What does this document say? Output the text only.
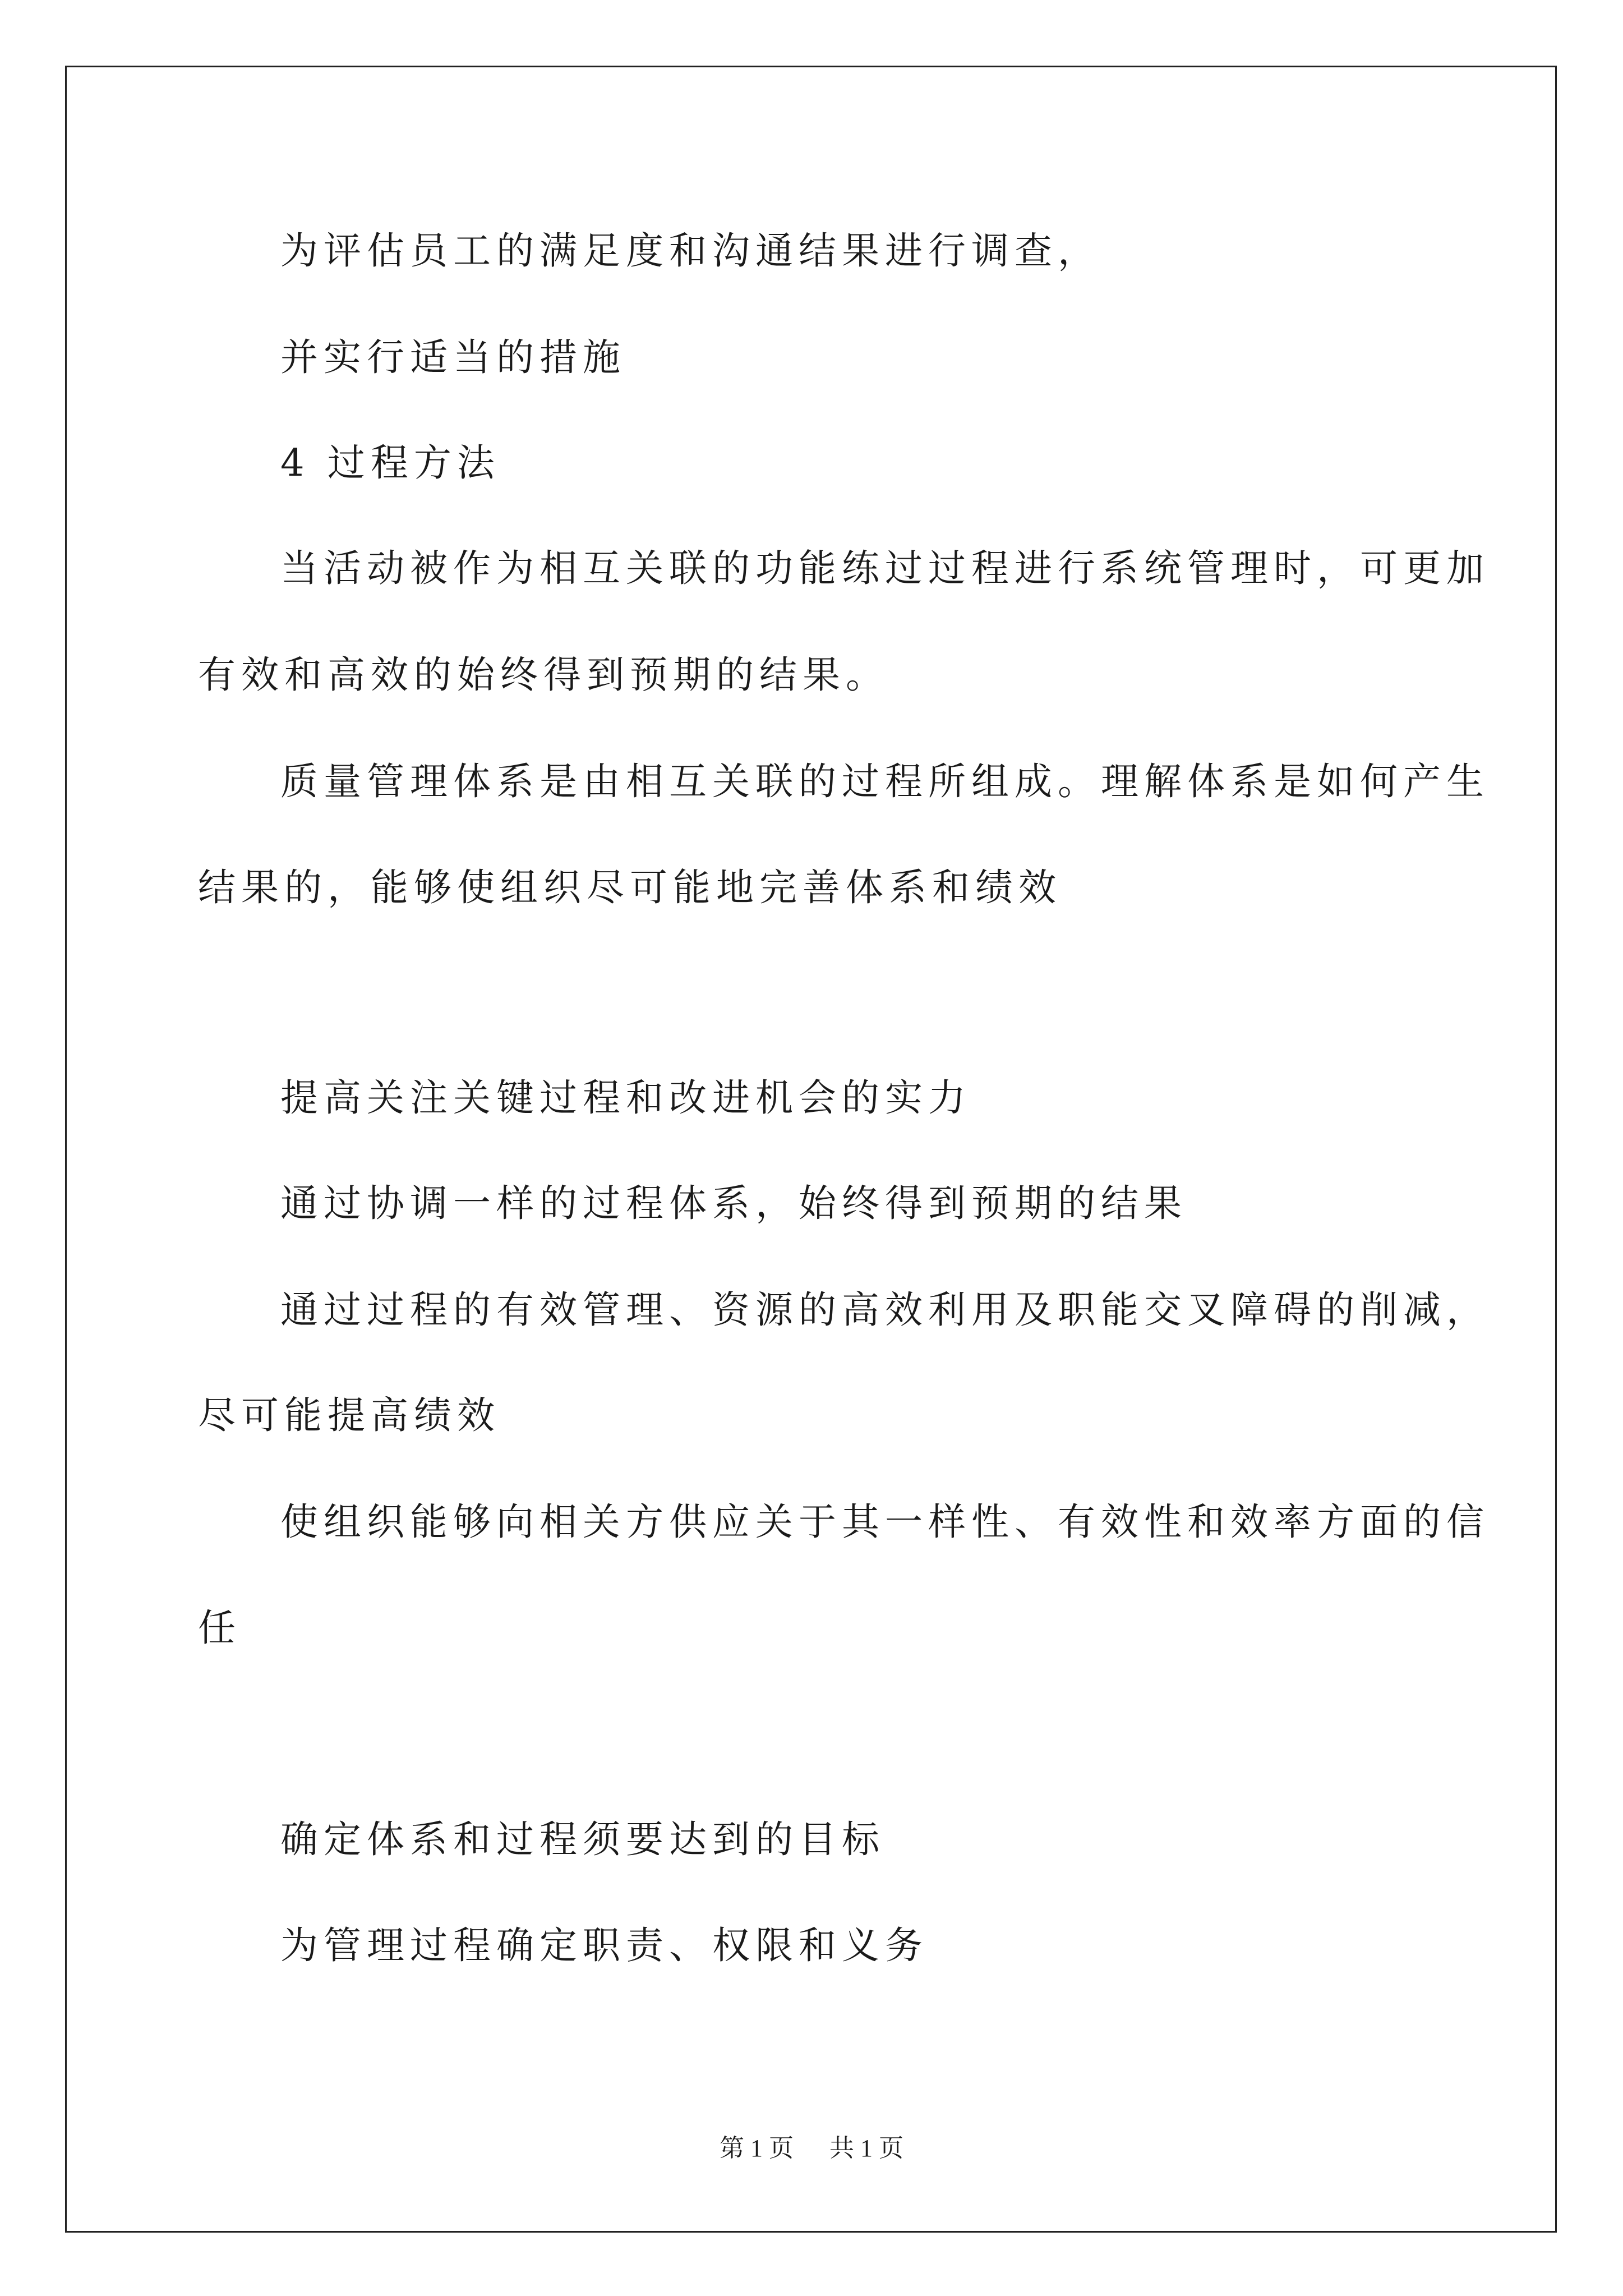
为评估员工的满足度和沟通结果进行调查，
并实行适当的措施
4 过程方法
当活动被作为相互关联的功能练过过程进行系统管理时，可更加
有效和高效的始终得到预期的结果。
质量管理体系是由相互关联的过程所组成。理解体系是如何产生
结果的，能够使组织尽可能地完善体系和绩效
提高关注关键过程和改进机会的实力
通过协调一样的过程体系，始终得到预期的结果
通过过程的有效管理、资源的高效利用及职能交叉障碍的削减，
尽可能提高绩效
使组织能够向相关方供应关于其一样性、有效性和效率方面的信
任
确定体系和过程须要达到的目标
为管理过程确定职责、权限和义务
第 1 页 共 1 页
